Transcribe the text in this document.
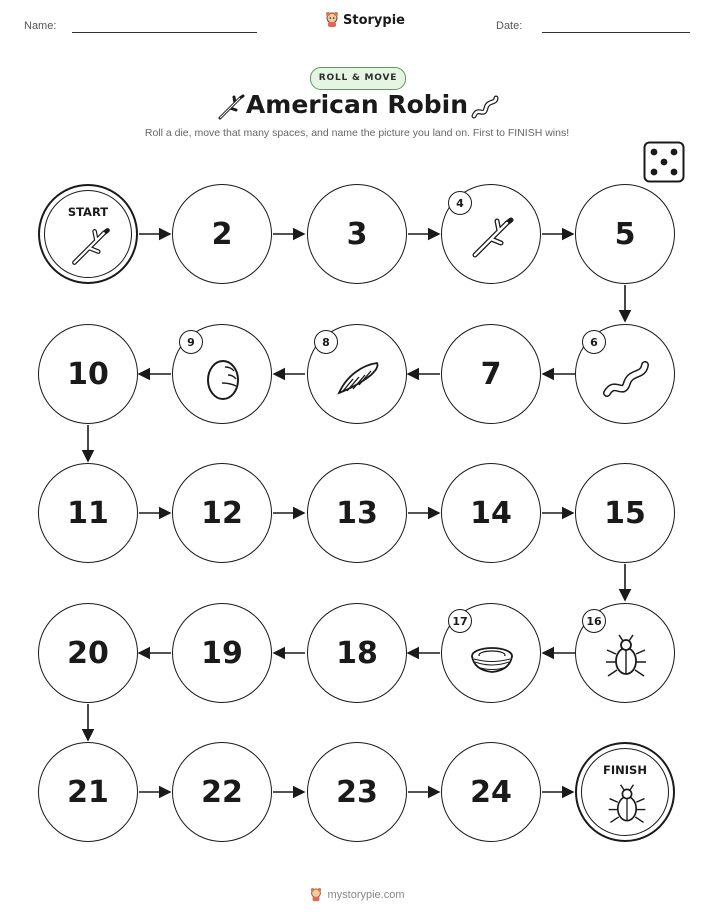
Name:	Storypie	Date:
ROLL & MOVE
American Robin
Roll a die, move that many spaces, and name the picture you land on. First to FINISH wins!
START
2	3
4
5
10
9	8
7
6
11	12	13	14	15
20	19	18
17	16
21	22	23	24
FINISH
mystorypie.com
